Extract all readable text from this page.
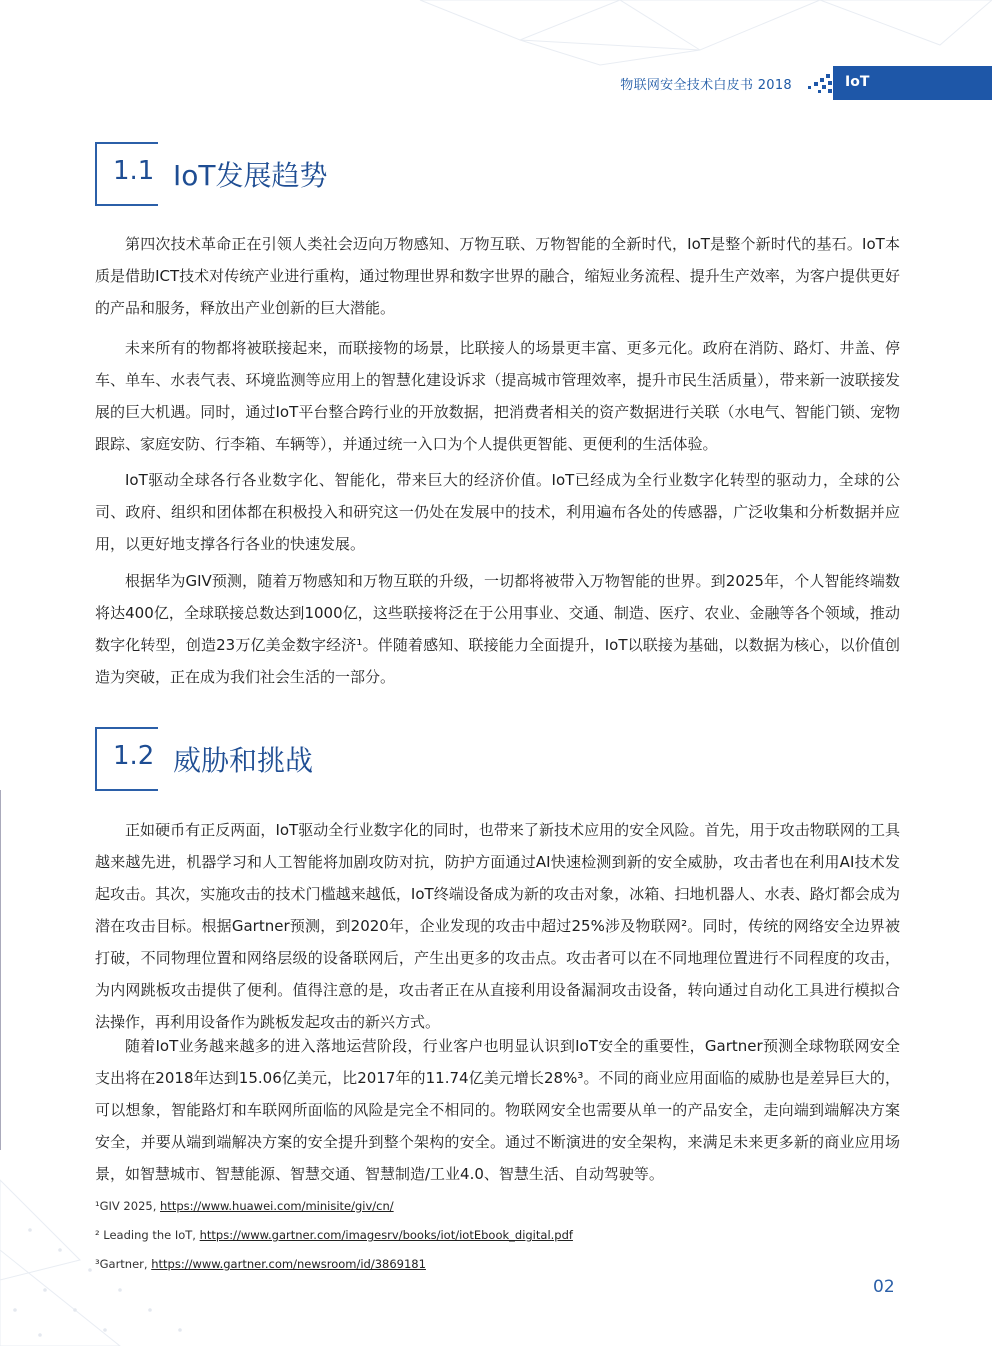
物联网安全技术白皮书 2018	IoT
1.1 IoT发展趋势

第四次技术革命正在引领人类社会迈向万物感知、万物互联、万物智能的全新时代，IoT是整个新时代的基石。IoT本质是借助ICT技术对传统产业进行重构，通过物理世界和数字世界的融合，缩短业务流程、提升生产效率，为客户提供更好的产品和服务，释放出产业创新的巨大潜能。

未来所有的物都将被联接起来，而联接物的场景，比联接人的场景更丰富、更多元化。政府在消防、路灯、井盖、停车、单车、水表气表、环境监测等应用上的智慧化建设诉求（提高城市管理效率，提升市民生活质量），带来新一波联接发展的巨大机遇。同时，通过IoT平台整合跨行业的开放数据，把消费者相关的资产数据进行关联（水电气、智能门锁、宠物跟踪、家庭安防、行李箱、车辆等），并通过统一入口为个人提供更智能、更便利的生活体验。

IoT驱动全球各行各业数字化、智能化，带来巨大的经济价值。IoT已经成为全行业数字化转型的驱动力，全球的公司、政府、组织和团体都在积极投入和研究这一仍处在发展中的技术，利用遍布各处的传感器，广泛收集和分析数据并应用，以更好地支撑各行各业的快速发展。

根据华为GIV预测，随着万物感知和万物互联的升级，一切都将被带入万物智能的世界。到2025年，个人智能终端数将达400亿，全球联接总数达到1000亿，这些联接将泛在于公用事业、交通、制造、医疗、农业、金融等各个领域，推动数字化转型，创造23万亿美金数字经济¹。伴随着感知、联接能力全面提升，IoT以联接为基础，以数据为核心，以价值创造为突破，正在成为我们社会生活的一部分。

1.2 威胁和挑战

正如硬币有正反两面，IoT驱动全行业数字化的同时，也带来了新技术应用的安全风险。首先，用于攻击物联网的工具越来越先进，机器学习和人工智能将加剧攻防对抗，防护方面通过AI快速检测到新的安全威胁，攻击者也在利用AI技术发起攻击。其次，实施攻击的技术门槛越来越低，IoT终端设备成为新的攻击对象，冰箱、扫地机器人、水表、路灯都会成为潜在攻击目标。根据Gartner预测，到2020年，企业发现的攻击中超过25%涉及物联网²。同时，传统的网络安全边界被打破，不同物理位置和网络层级的设备联网后，产生出更多的攻击点。攻击者可以在不同地理位置进行不同程度的攻击，为内网跳板攻击提供了便利。值得注意的是，攻击者正在从直接利用设备漏洞攻击设备，转向通过自动化工具进行模拟合法操作，再利用设备作为跳板发起攻击的新兴方式。

随着IoT业务越来越多的进入落地运营阶段，行业客户也明显认识到IoT安全的重要性，Gartner预测全球物联网安全支出将在2018年达到15.06亿美元，比2017年的11.74亿美元增长28%³。不同的商业应用面临的威胁也是差异巨大的，可以想象，智能路灯和车联网所面临的风险是完全不相同的。物联网安全也需要从单一的产品安全，走向端到端解决方案安全，并要从端到端解决方案的安全提升到整个架构的安全。通过不断演进的安全架构，来满足未来更多新的商业应用场景，如智慧城市、智慧能源、智慧交通、智慧制造/工业4.0、智慧生活、自动驾驶等。

¹GIV 2025, https://www.huawei.com/minisite/giv/cn/
² Leading the IoT, https://www.gartner.com/imagesrv/books/iot/iotEbook_digital.pdf
³Gartner, https://www.gartner.com/newsroom/id/3869181
02
